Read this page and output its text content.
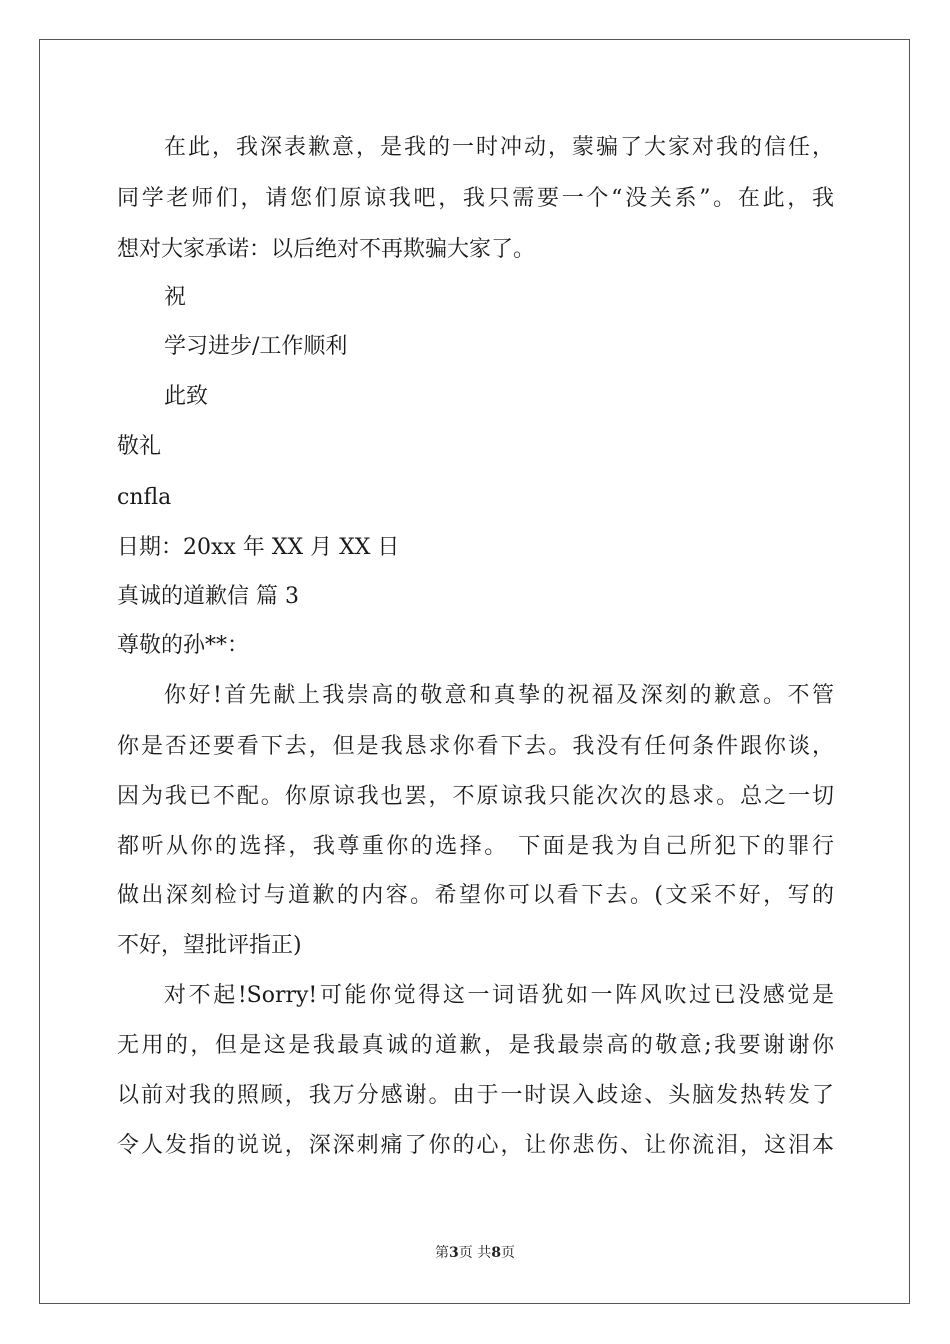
在此，我深表歉意，是我的一时冲动，蒙骗了大家对我的信任，
同学老师们，请您们原谅我吧，我只需要一个“没关系”。在此，我
想对大家承诺：以后绝对不再欺骗大家了。
祝
学习进步/工作顺利
此致
敬礼
cnfla
日期：20xx 年 XX 月 XX 日
真诚的道歉信 篇 3
尊敬的孙**：
你好!首先献上我崇高的敬意和真挚的祝福及深刻的歉意。不管
你是否还要看下去，但是我恳求你看下去。我没有任何条件跟你谈，
因为我已不配。你原谅我也罢，不原谅我只能次次的恳求。总之一切
都听从你的选择，我尊重你的选择。 下面是我为自己所犯下的罪行
做出深刻检讨与道歉的内容。希望你可以看下去。(文采不好，写的
不好，望批评指正)
对不起!Sorry!可能你觉得这一词语犹如一阵风吹过已没感觉是
无用的，但是这是我最真诚的道歉，是我最崇高的敬意;我要谢谢你
以前对我的照顾，我万分感谢。由于一时误入歧途、头脑发热转发了
令人发指的说说，深深刺痛了你的心，让你悲伤、让你流泪，这泪本
第3页 共8页
